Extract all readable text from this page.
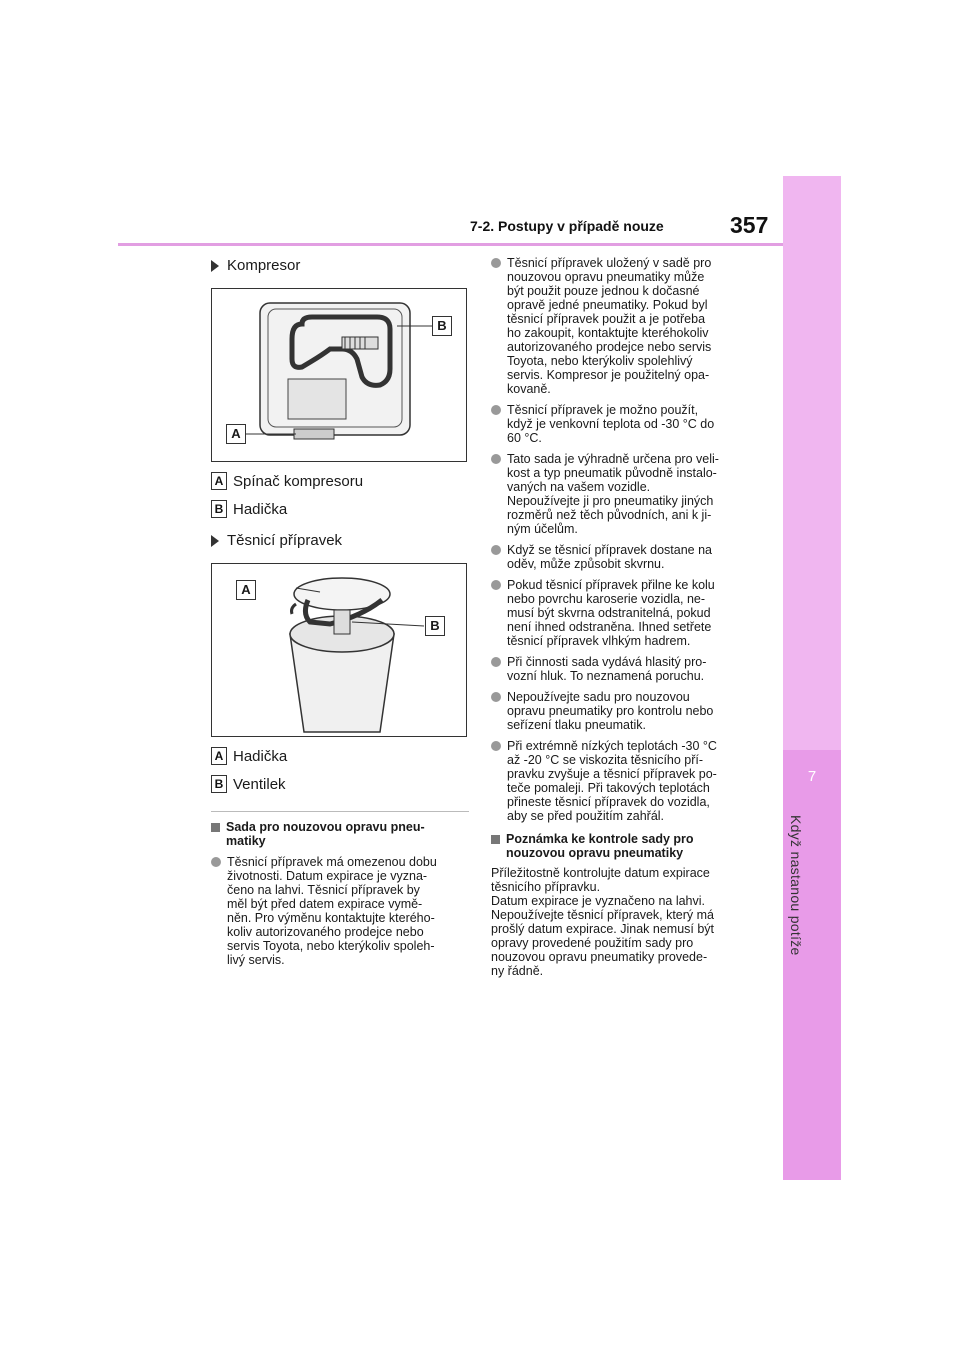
7
Když nastanou potíže
7-2. Postupy v případě nouze	357
Kompresor
A
B
A Spínač kompresoru
B Hadička
Těsnicí přípravek
A
B
A Hadička
B Ventilek
Sada pro nouzovou opravu pneu-
matiky
Těsnicí přípravek má omezenou dobu
životnosti. Datum expirace je vyzna-
čeno na lahvi. Těsnicí přípravek by
měl být před datem expirace vymě-
něn. Pro výměnu kontaktujte kterého-
koliv autorizovaného prodejce nebo
servis Toyota, nebo kterýkoliv spoleh-
livý servis.
Těsnicí přípravek uložený v sadě pro
nouzovou opravu pneumatiky může
být použit pouze jednou k dočasné
opravě jedné pneumatiky. Pokud byl
těsnicí přípravek použit a je potřeba
ho zakoupit, kontaktujte kteréhokoliv
autorizovaného prodejce nebo servis
Toyota, nebo kterýkoliv spolehlivý
servis. Kompresor je použitelný opa-
kovaně.
Těsnicí přípravek je možno použít,
když je venkovní teplota od -30 °C do
60 °C.
Tato sada je výhradně určena pro veli-
kost a typ pneumatik původně instalo-
vaných na vašem vozidle.
Nepoužívejte ji pro pneumatiky jiných
rozměrů než těch původních, ani k ji-
ným účelům.
Když se těsnicí přípravek dostane na
oděv, může způsobit skvrnu.
Pokud těsnicí přípravek přilne ke kolu
nebo povrchu karoserie vozidla, ne-
musí být skvrna odstranitelná, pokud
není ihned odstraněna. Ihned setřete
těsnicí přípravek vlhkým hadrem.
Při činnosti sada vydává hlasitý pro-
vozní hluk. To neznamená poruchu.
Nepoužívejte sadu pro nouzovou
opravu pneumatiky pro kontrolu nebo
seřízení tlaku pneumatik.
Při extrémně nízkých teplotách -30 °C
až -20 °C se viskozita těsnicího pří-
pravku zvyšuje a těsnicí přípravek po-
teče pomaleji. Při takových teplotách
přineste těsnicí přípravek do vozidla,
aby se před použitím zahřál.
Poznámka ke kontrole sady pro
nouzovou opravu pneumatiky
Příležitostně kontrolujte datum expirace
těsnicího přípravku.
Datum expirace je vyznačeno na lahvi.
Nepoužívejte těsnicí přípravek, který má
prošlý datum expirace. Jinak nemusí být
opravy provedené použitím sady pro
nouzovou opravu pneumatiky provede-
ny řádně.
